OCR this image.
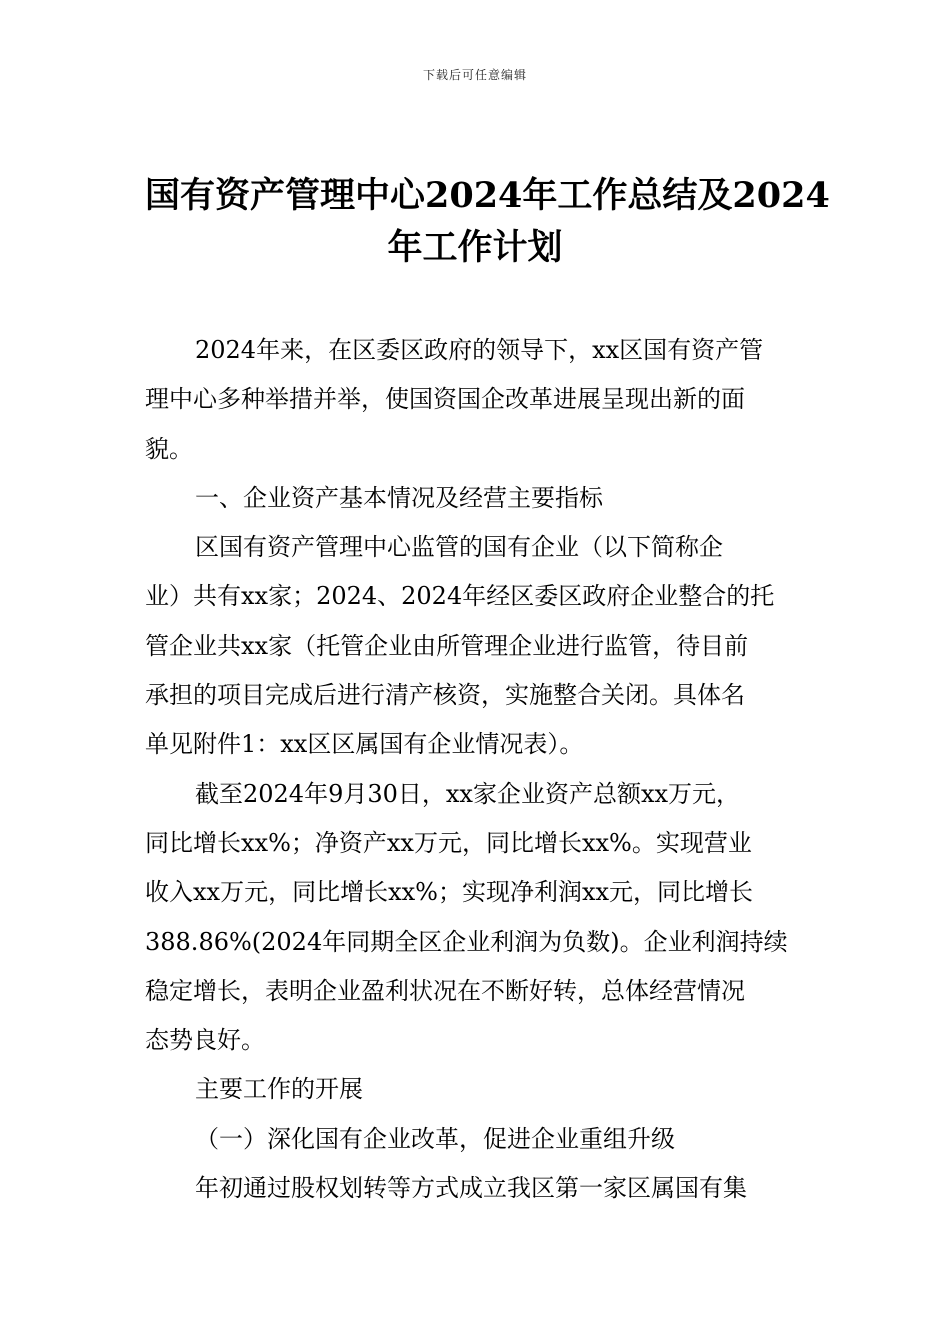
下载后可任意编辑
国有资产管理中心2024年工作总结及2024
年工作计划

2024年来，在区委区政府的领导下，xx区国有资产管
理中心多种举措并举，使国资国企改革进展呈现出新的面
貌。

一、企业资产基本情况及经营主要指标

区国有资产管理中心监管的国有企业（以下简称企
业）共有xx家；2024、2024年经区委区政府企业整合的托
管企业共xx家（托管企业由所管理企业进行监管，待目前
承担的项目完成后进行清产核资，实施整合关闭。具体名
单见附件1：xx区区属国有企业情况表）。

截至2024年9月30日，xx家企业资产总额xx万元，
同比增长xx%；净资产xx万元，同比增长xx%。实现营业
收入xx万元，同比增长xx%；实现净利润xx元，同比增长
388.86%(2024年同期全区企业利润为负数)。企业利润持续
稳定增长，表明企业盈利状况在不断好转，总体经营情况
态势良好。

主要工作的开展

（一）深化国有企业改革，促进企业重组升级

年初通过股权划转等方式成立我区第一家区属国有集
